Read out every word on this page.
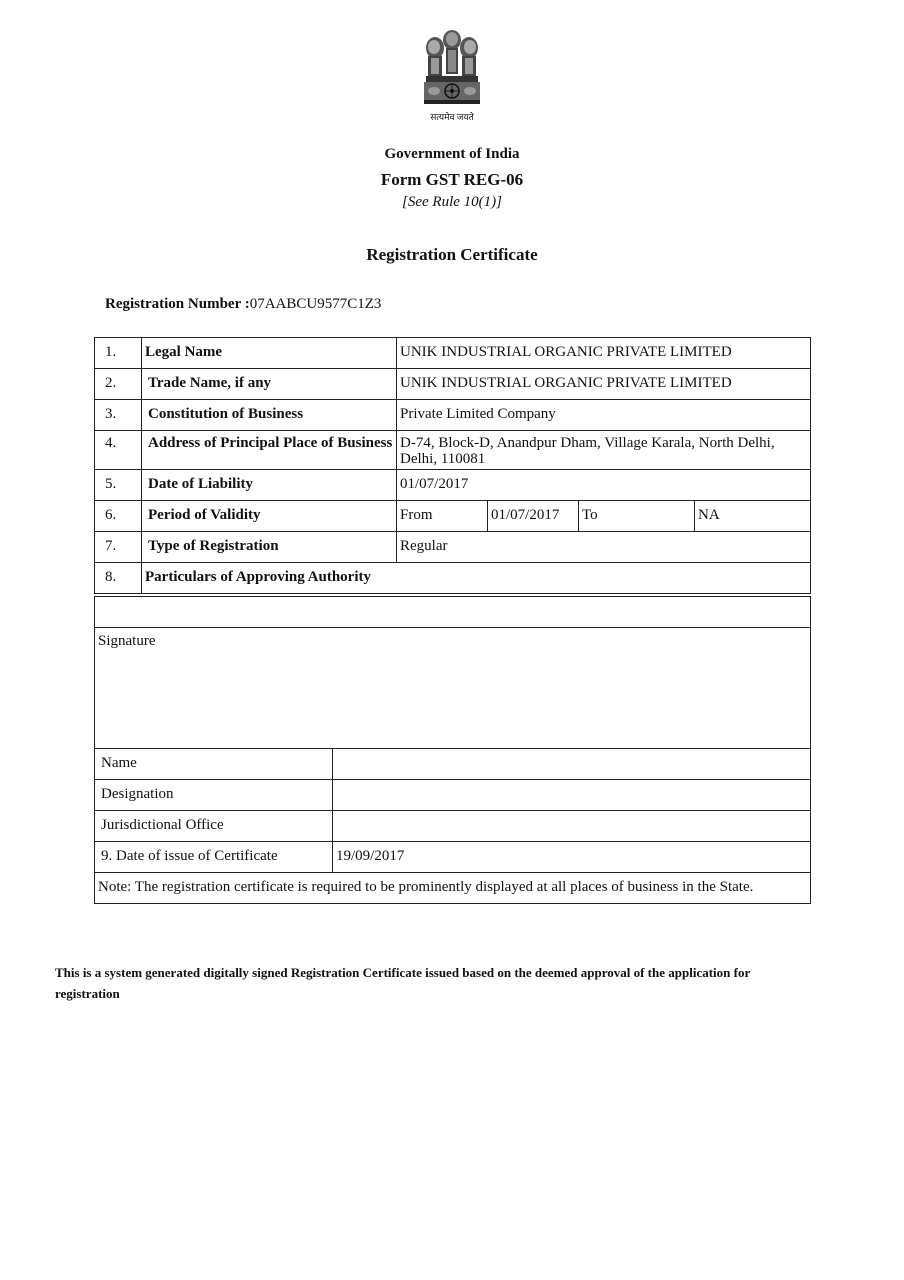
सत्यमेव जयते
Government of India
Form GST REG-06
[See Rule 10(1)]
Registration Certificate
Registration Number :07AABCU9577C1Z3
1.	Legal Name	UNIK INDUSTRIAL ORGANIC PRIVATE LIMITED			
2.	Trade Name, if any	UNIK INDUSTRIAL ORGANIC PRIVATE LIMITED			
3.	Constitution of Business	Private Limited Company			
4.	Address of Principal Place of Business	D-74, Block-D, Anandpur Dham, Village Karala, North Delhi, Delhi, 110081			
5.	Date of Liability	01/07/2017			
6.	Period of Validity	From	01/07/2017	To	NA
7.	Type of Registration	Regular			
8.	Particulars of Approving Authority				

Signature	
Name	
Designation	
Jurisdictional Office	
9. Date of issue of Certificate	19/09/2017
Note: The registration certificate is required to be prominently displayed at all places of business in the State.	
This is a system generated digitally signed Registration Certificate issued based on the deemed approval of the application for registration
